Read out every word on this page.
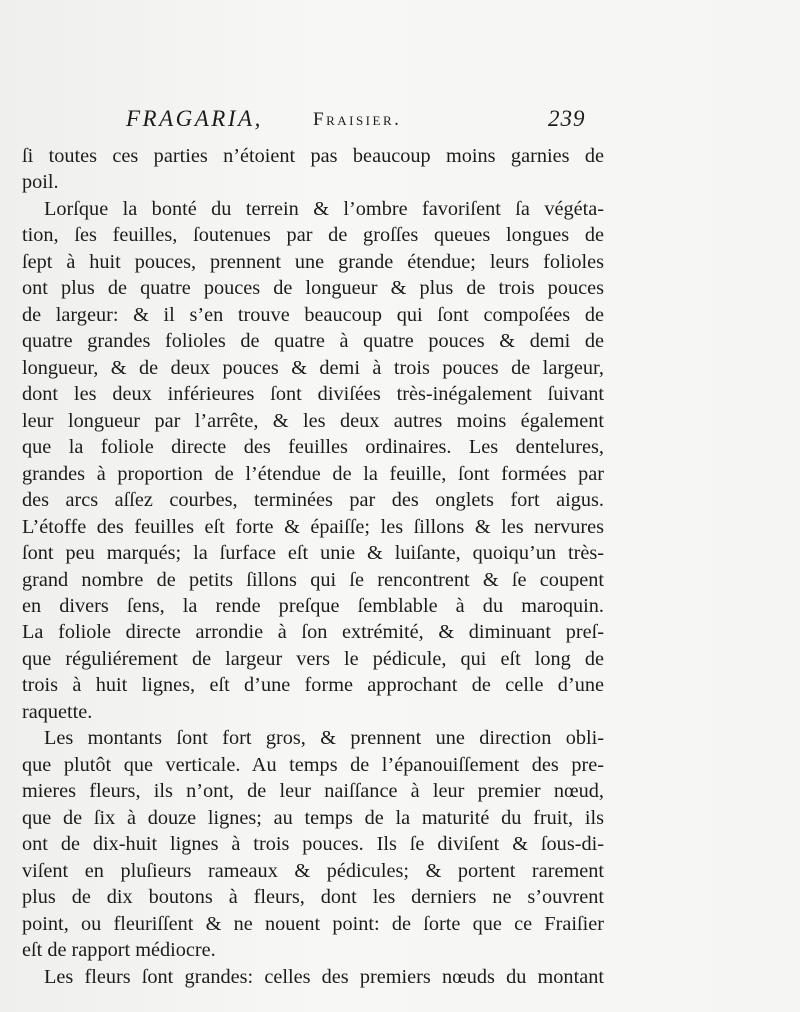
FRAGARIA,	Fraisier.	239
ſi toutes ces parties n’étoient pas beaucoup moins garnies de
poil.
Lorſque la bonté du terrein & l’ombre favoriſent ſa végéta-
tion, ſes feuilles, ſoutenues par de groſſes queues longues de
ſept à huit pouces, prennent une grande étendue; leurs folioles
ont plus de quatre pouces de longueur & plus de trois pouces
de largeur: & il s’en trouve beaucoup qui ſont compoſées de
quatre grandes folioles de quatre à quatre pouces & demi de
longueur, & de deux pouces & demi à trois pouces de largeur,
dont les deux inférieures ſont diviſées très-inégalement ſuivant
leur longueur par l’arrête, & les deux autres moins également
que la foliole directe des feuilles ordinaires. Les dentelures,
grandes à proportion de l’étendue de la feuille, ſont formées par
des arcs aſſez courbes, terminées par des onglets fort aigus.
L’étoffe des feuilles eſt forte & épaiſſe; les ſillons & les nervures
ſont peu marqués; la ſurface eſt unie & luiſante, quoiqu’un très-
grand nombre de petits ſillons qui ſe rencontrent & ſe coupent
en divers ſens, la rende preſque ſemblable à du maroquin.
La foliole directe arrondie à ſon extrémité, & diminuant preſ-
que réguliérement de largeur vers le pédicule, qui eſt long de
trois à huit lignes, eſt d’une forme approchant de celle d’une
raquette.
Les montants ſont fort gros, & prennent une direction obli-
que plutôt que verticale. Au temps de l’épanouiſſement des pre-
mieres fleurs, ils n’ont, de leur naiſſance à leur premier nœud,
que de ſix à douze lignes; au temps de la maturité du fruit, ils
ont de dix-huit lignes à trois pouces. Ils ſe diviſent & ſous-di-
viſent en pluſieurs rameaux & pédicules; & portent rarement
plus de dix boutons à fleurs, dont les derniers ne s’ouvrent
point, ou fleuriſſent & ne nouent point: de ſorte que ce Fraiſier
eſt de rapport médiocre.
Les fleurs ſont grandes: celles des premiers nœuds du montant
